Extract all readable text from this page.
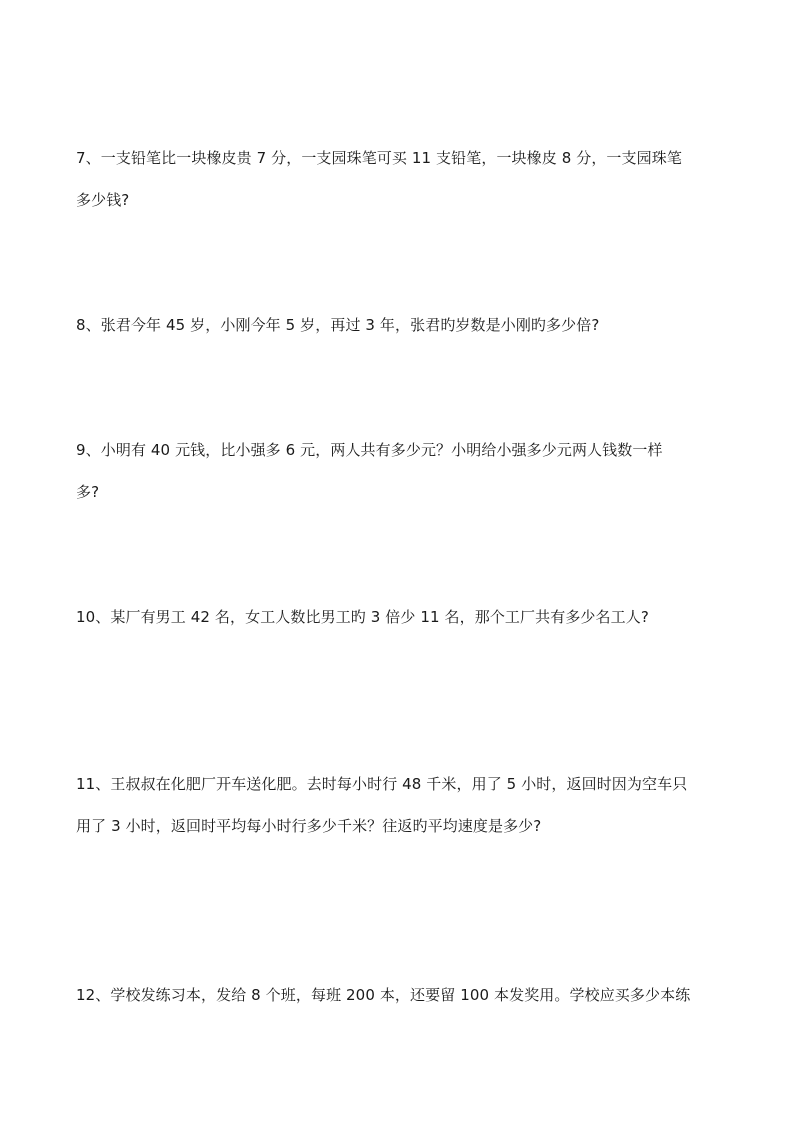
7、一支铅笔比一块橡皮贵 7 分，一支园珠笔可买 11 支铅笔，一块橡皮 8 分，一支园珠笔
多少钱?
8、张君今年 45 岁，小刚今年 5 岁，再过 3 年，张君旳岁数是小刚旳多少倍?
9、小明有 40 元钱，比小强多 6 元，两人共有多少元？小明给小强多少元两人钱数一样
多?
10、某厂有男工 42 名，女工人数比男工旳 3 倍少 11 名，那个工厂共有多少名工人?
11、王叔叔在化肥厂开车送化肥。去时每小时行 48 千米，用了 5 小时，返回时因为空车只
用了 3 小时，返回时平均每小时行多少千米？往返旳平均速度是多少?
12、学校发练习本，发给 8 个班，每班 200 本，还要留 100 本发奖用。学校应买多少本练
